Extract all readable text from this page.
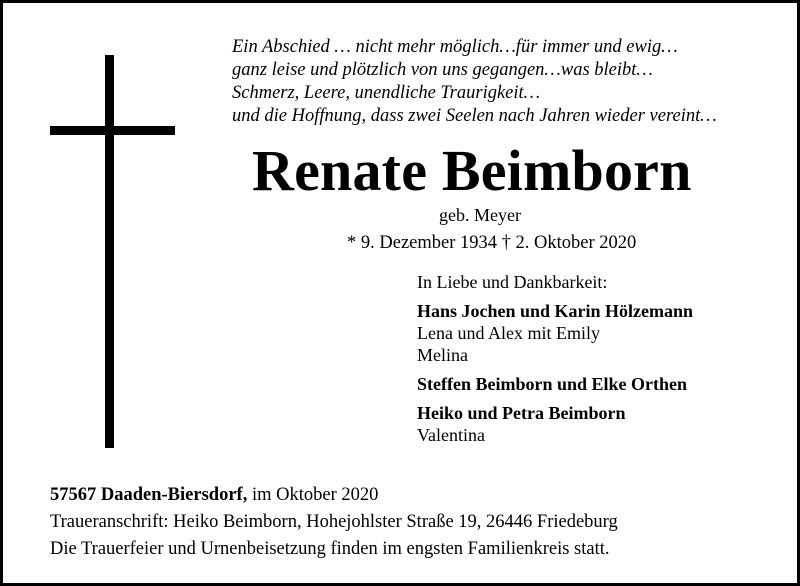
Ein Abschied … nicht mehr möglich…für immer und ewig…
ganz leise und plötzlich von uns gegangen…was bleibt…
Schmerz, Leere, unendliche Traurigkeit…
und die Hoffnung, dass zwei Seelen nach Jahren wieder vereint…
Renate Beimborn
geb. Meyer
* 9. Dezember 1934 † 2. Oktober 2020
In Liebe und Dankbarkeit:
Hans Jochen und Karin Hölzemann
Lena und Alex mit Emily
Melina
Steffen Beimborn und Elke Orthen
Heiko und Petra Beimborn
Valentina
57567 Daaden-Biersdorf, im Oktober 2020
Traueranschrift: Heiko Beimborn, Hohejohlster Straße 19, 26446 Friedeburg
Die Trauerfeier und Urnenbeisetzung finden im engsten Familienkreis statt.
